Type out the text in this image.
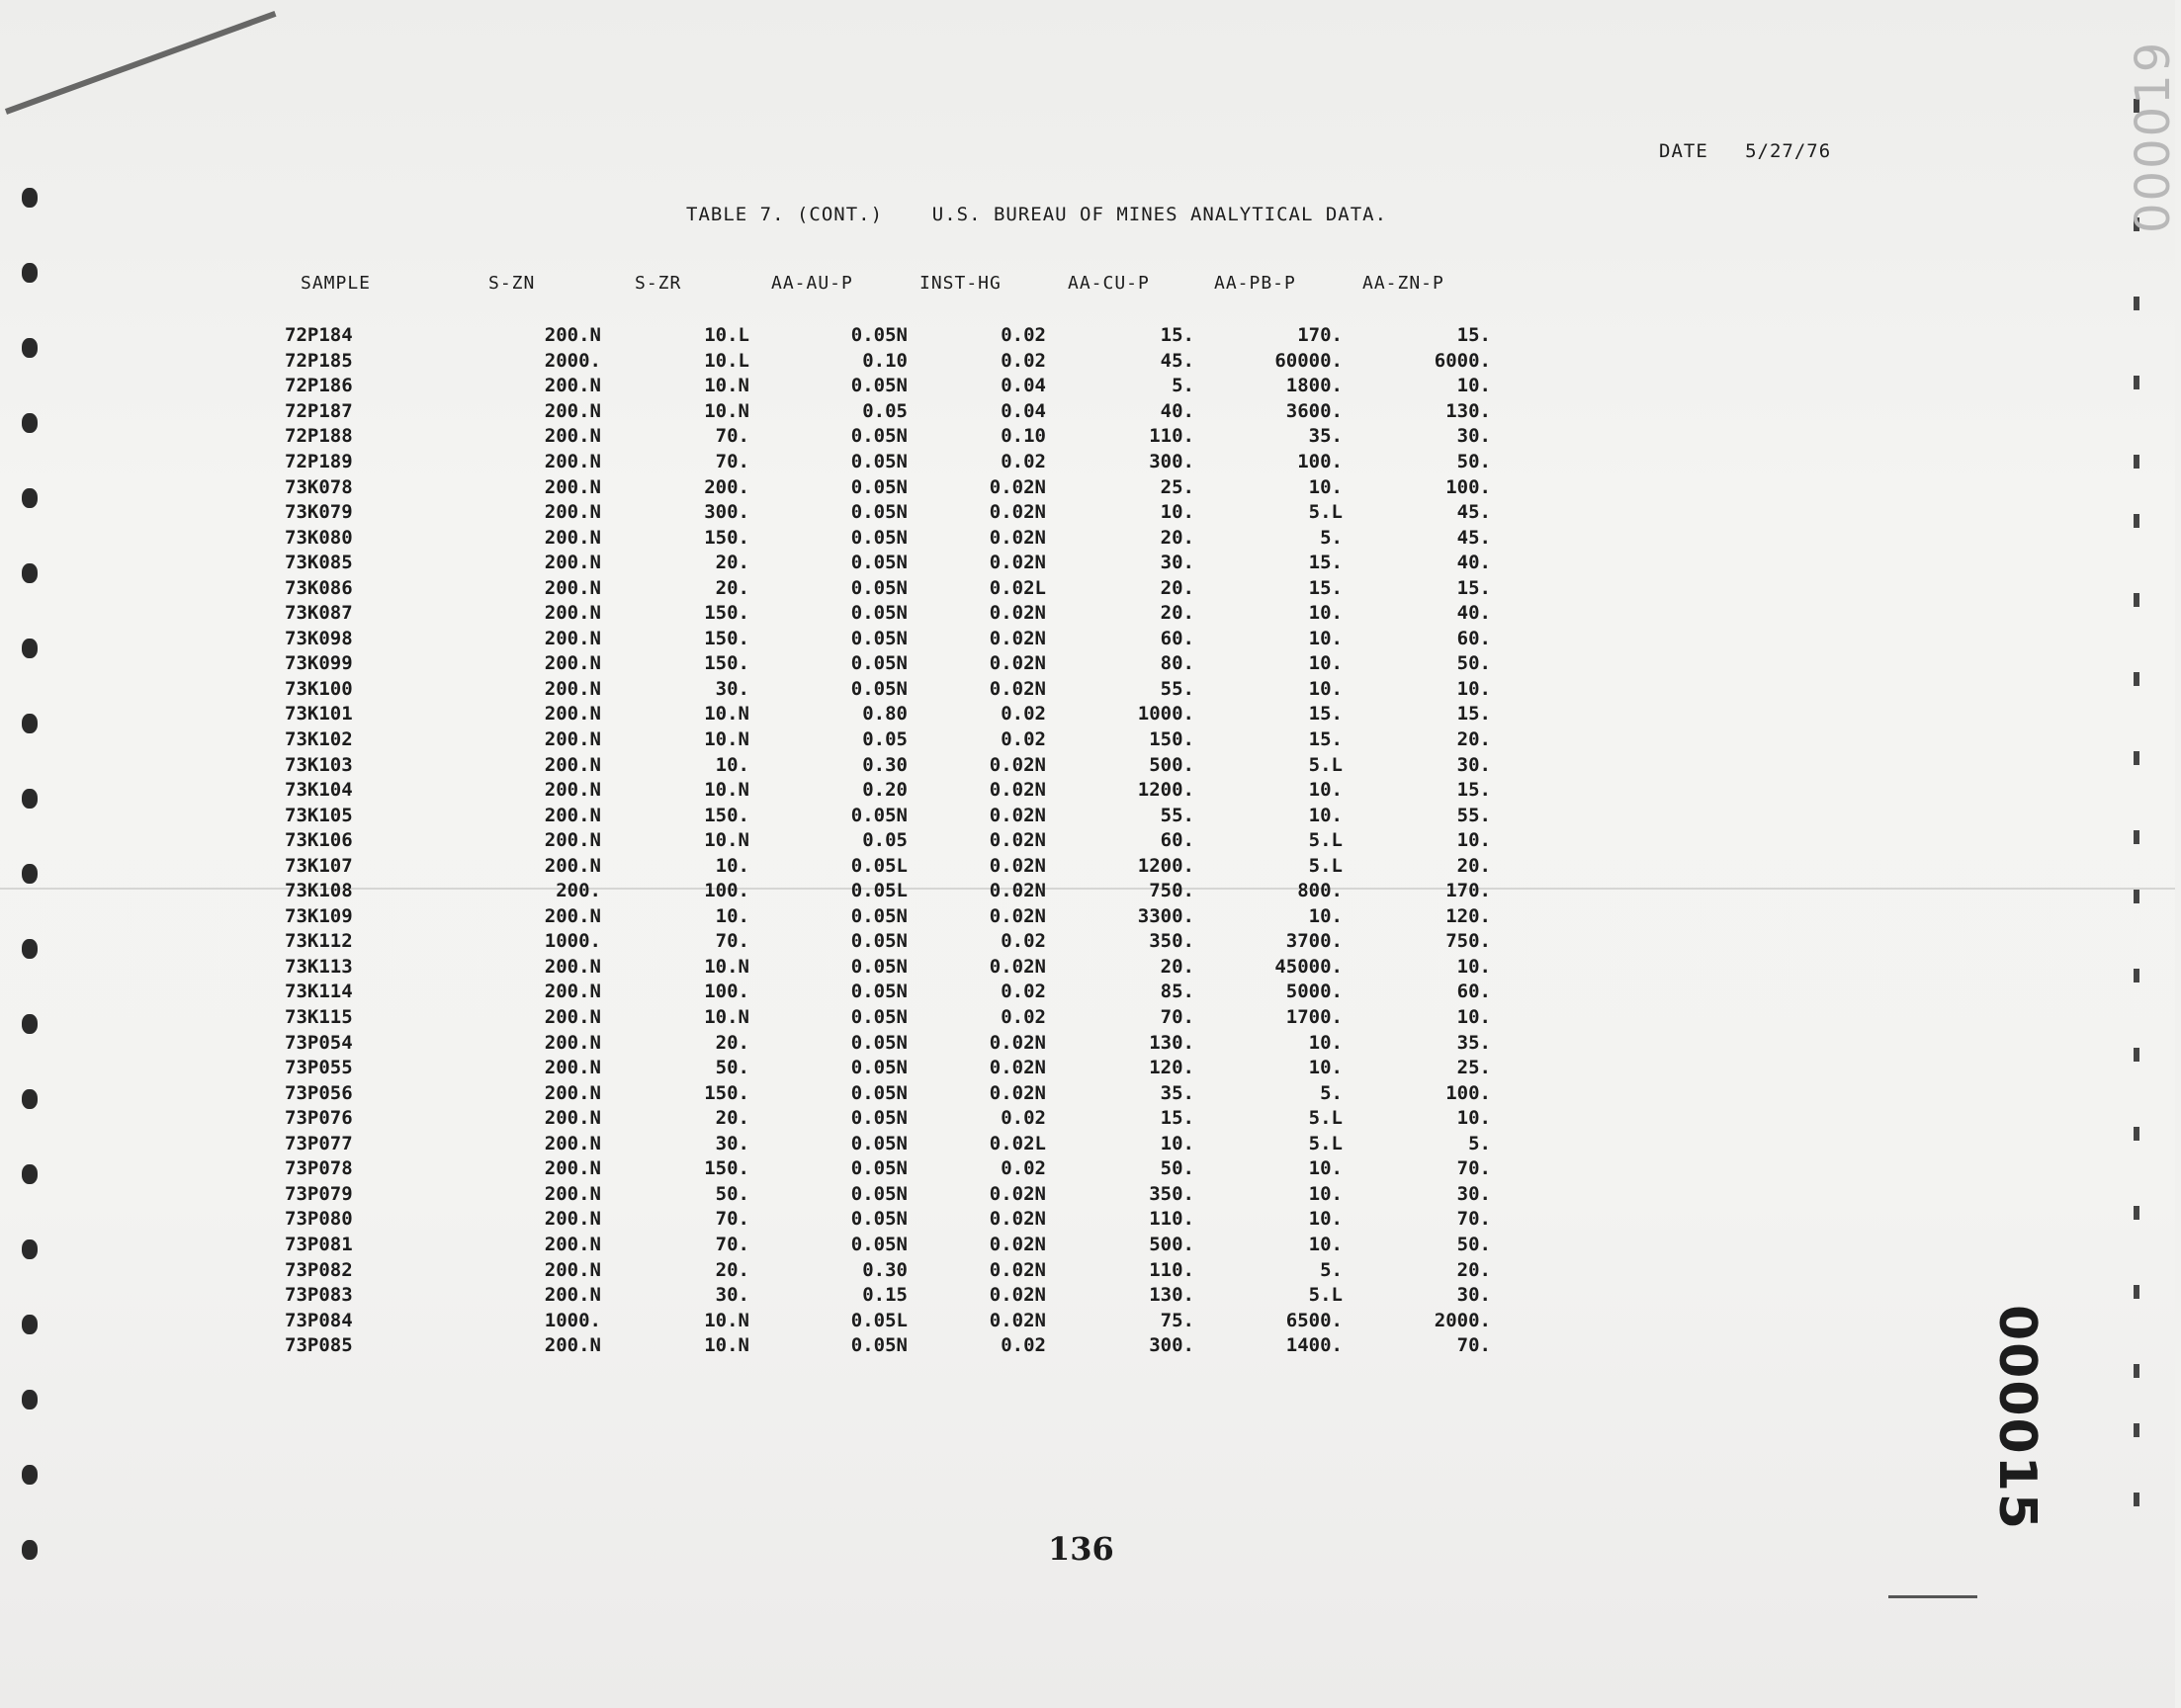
DATE 5/27/76
TABLE 7. (CONT.)    U.S. BUREAU OF MINES ANALYTICAL DATA.
SAMPLE	S-ZN	S-ZR	AA-AU-P	INST-HG	AA-CU-P	AA-PB-P	AA-ZN-P
72P184	200.N	10.L	0.05N	0.02	15.	170.	15.
72P185	2000.	10.L	0.10	0.02	45.	60000.	6000.
72P186	200.N	10.N	0.05N	0.04	5.	1800.	10.
72P187	200.N	10.N	0.05	0.04	40.	3600.	130.
72P188	200.N	70.	0.05N	0.10	110.	35.	30.
72P189	200.N	70.	0.05N	0.02	300.	100.	50.
73K078	200.N	200.	0.05N	0.02N	25.	10.	100.
73K079	200.N	300.	0.05N	0.02N	10.	5.L	45.
73K080	200.N	150.	0.05N	0.02N	20.	5.	45.
73K085	200.N	20.	0.05N	0.02N	30.	15.	40.
73K086	200.N	20.	0.05N	0.02L	20.	15.	15.
73K087	200.N	150.	0.05N	0.02N	20.	10.	40.
73K098	200.N	150.	0.05N	0.02N	60.	10.	60.
73K099	200.N	150.	0.05N	0.02N	80.	10.	50.
73K100	200.N	30.	0.05N	0.02N	55.	10.	10.
73K101	200.N	10.N	0.80	0.02	1000.	15.	15.
73K102	200.N	10.N	0.05	0.02	150.	15.	20.
73K103	200.N	10.	0.30	0.02N	500.	5.L	30.
73K104	200.N	10.N	0.20	0.02N	1200.	10.	15.
73K105	200.N	150.	0.05N	0.02N	55.	10.	55.
73K106	200.N	10.N	0.05	0.02N	60.	5.L	10.
73K107	200.N	10.	0.05L	0.02N	1200.	5.L	20.
73K108	200.	100.	0.05L	0.02N	750.	800.	170.
73K109	200.N	10.	0.05N	0.02N	3300.	10.	120.
73K112	1000.	70.	0.05N	0.02	350.	3700.	750.
73K113	200.N	10.N	0.05N	0.02N	20.	45000.	10.
73K114	200.N	100.	0.05N	0.02	85.	5000.	60.
73K115	200.N	10.N	0.05N	0.02	70.	1700.	10.
73P054	200.N	20.	0.05N	0.02N	130.	10.	35.
73P055	200.N	50.	0.05N	0.02N	120.	10.	25.
73P056	200.N	150.	0.05N	0.02N	35.	5.	100.
73P076	200.N	20.	0.05N	0.02	15.	5.L	10.
73P077	200.N	30.	0.05N	0.02L	10.	5.L	5.
73P078	200.N	150.	0.05N	0.02	50.	10.	70.
73P079	200.N	50.	0.05N	0.02N	350.	10.	30.
73P080	200.N	70.	0.05N	0.02N	110.	10.	70.
73P081	200.N	70.	0.05N	0.02N	500.	10.	50.
73P082	200.N	20.	0.30	0.02N	110.	5.	20.
73P083	200.N	30.	0.15	0.02N	130.	5.L	30.
73P084	1000.	10.N	0.05L	0.02N	75.	6500.	2000.
73P085	200.N	10.N	0.05N	0.02	300.	1400.	70.
136
000015
000019
